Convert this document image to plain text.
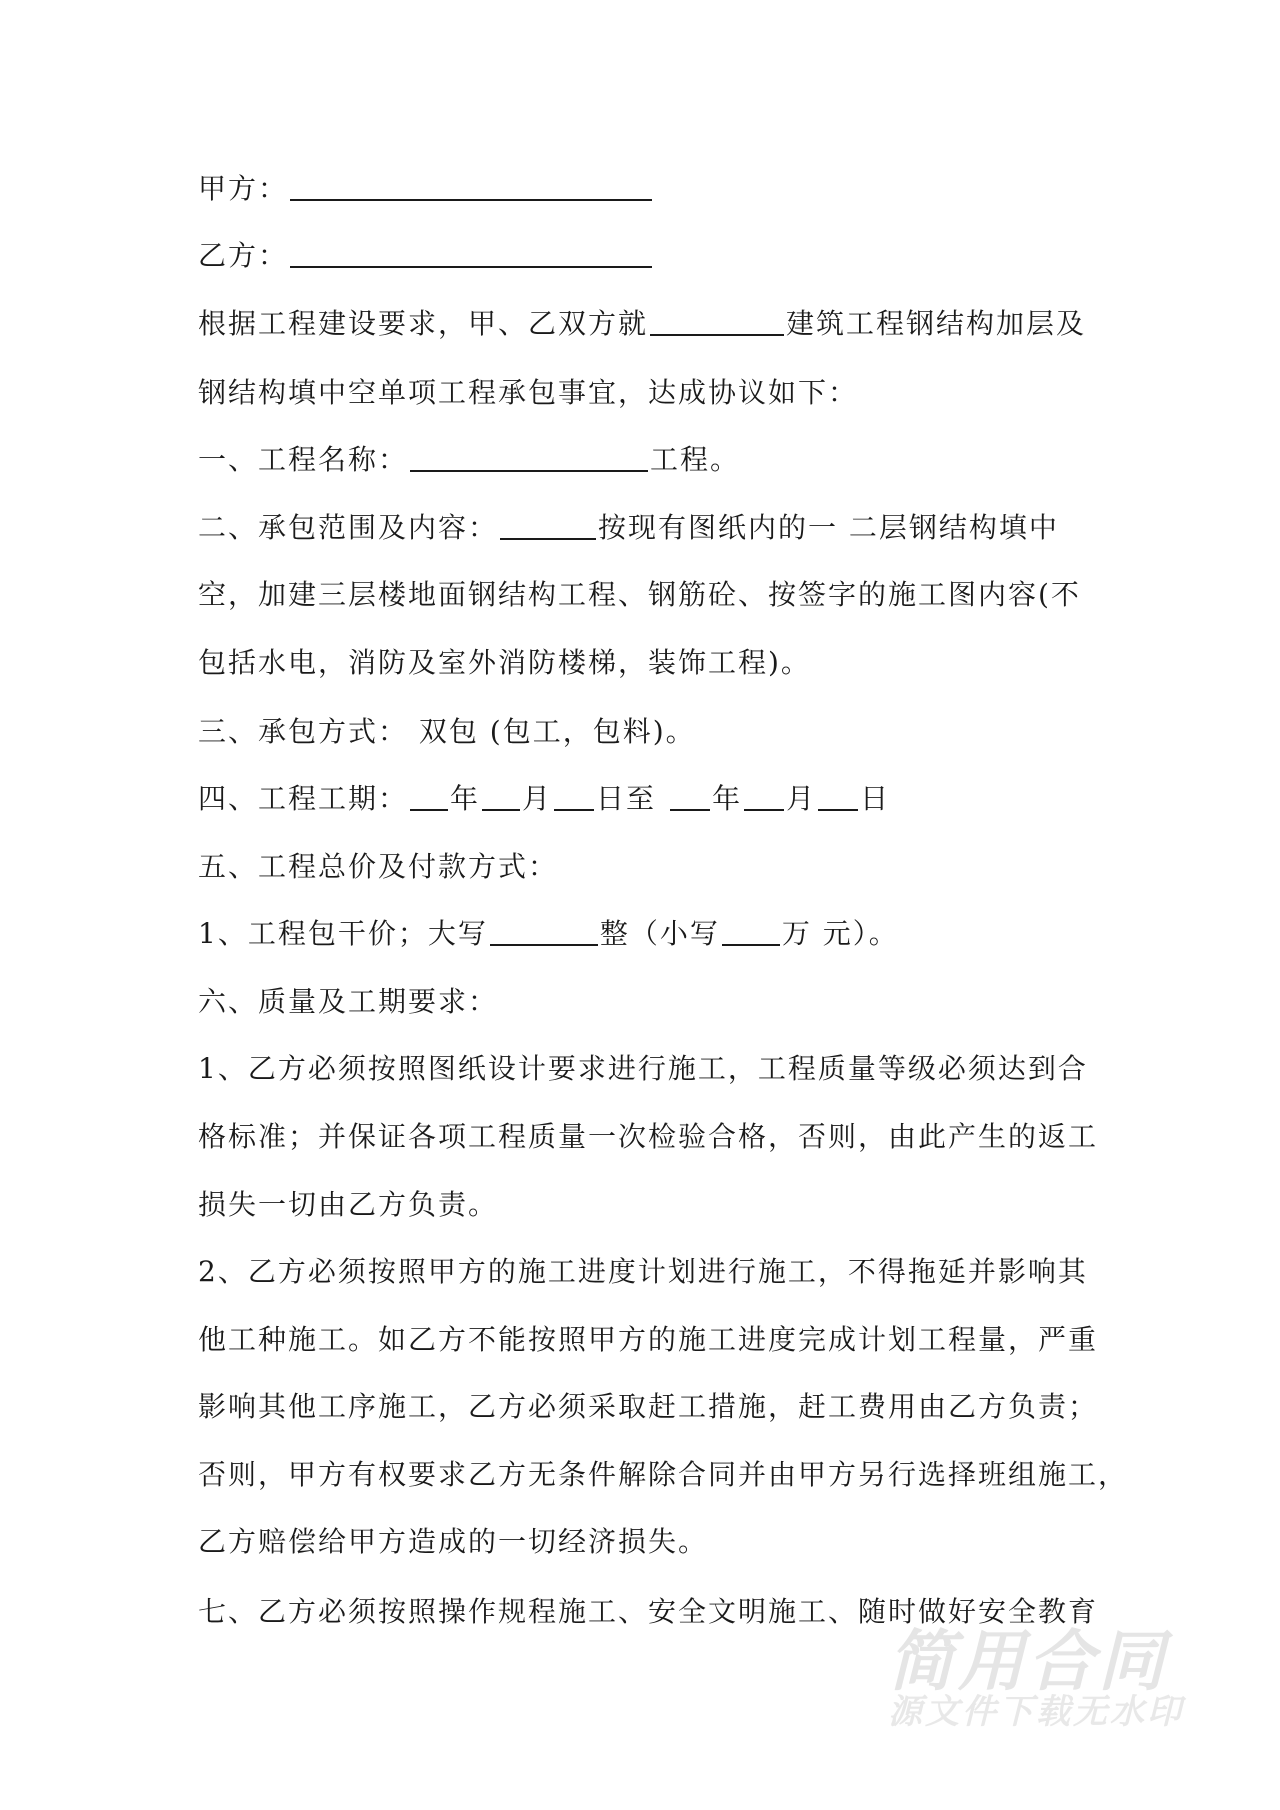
甲方：
乙方：
根据工程建设要求，甲、乙双方就	建筑工程钢结构加层及
钢结构填中空单项工程承包事宜，达成协议如下：
一、工程名称：	工程。
二、承包范围及内容：	按现有图纸内的一 二层钢结构填中
空，加建三层楼地面钢结构工程、钢筋砼、按签字的施工图内容(不
包括水电，消防及室外消防楼梯，装饰工程)。
三、承包方式： 双包 (包工，包料)。
四、工程工期： 年 月 日至 年 月 日
五、工程总价及付款方式：
1、工程包干价；大写	整（小写 万 元）。
六、质量及工期要求：
1、乙方必须按照图纸设计要求进行施工，工程质量等级必须达到合
格标准；并保证各项工程质量一次检验合格，否则，由此产生的返工
损失一切由乙方负责。
2、乙方必须按照甲方的施工进度计划进行施工，不得拖延并影响其
他工种施工。如乙方不能按照甲方的施工进度完成计划工程量，严重
影响其他工序施工，乙方必须采取赶工措施，赶工费用由乙方负责；
否则，甲方有权要求乙方无条件解除合同并由甲方另行选择班组施工，
乙方赔偿给甲方造成的一切经济损失。
七、乙方必须按照操作规程施工、安全文明施工、随时做好安全教育
简用合同
源文件下载无水印
